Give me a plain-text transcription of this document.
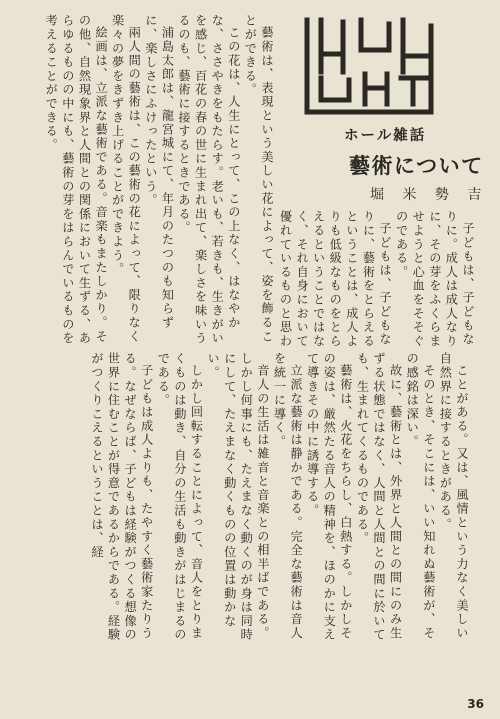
ホール雑話
藝術について
堀 米 勢 吉

藝術は、表現という美しい花によって、姿を飾ることができる。

この花は、人生にとって、この上なく、はなやかな、ささやきをもたらす。老いも、若きも、生きがいを感じ、百花の春の世に生まれ出て、楽しさを味いうるのも、藝術に接するときである。

浦島太郎は、龍宮城にて、年月のたつのも知らずに、楽しさにふけったという。

兩人間の藝術は、この藝術の花によって、限りなく楽々の夢をきずき上げることができよう。

絵画は、立派な藝術である。音楽もまたしかり。その他、自然現象界と人間との関係において生ずる、あらゆるものの中にも、藝術の芽をはらんでいるものを考えることができる。

子どもは、子どもなりに。成人は成人なりに、その芽をふくらませようと心血をそそぐのである。

子どもは、子どもなりに、藝術をとらえるということは、成人よりも低級なものをとらえるということではなく、それ自身において優れているものと思わ

ことがある。又は、風情という力なく美しい自然界に接するときがある。

そのとき、そこには、いい知れぬ藝術が、その感銘は深い。

故に、藝術とは、外界と人間との間にのみ生ずる状態ではなく、人間と人間との間に於いても、生まれてくるものである。

藝術は、火花をちらし、白熱する。しかしその姿は、厳然たる音人の精神を、ほのかに支えて導きその中に誘導する。

立派な藝術は静かである。完全な藝術は音人を統一に導く。

音人の生活は雑音と音楽との相半ばである。しかし何事にも、たえまなく動くのが身は同時にして、たえまなく動くものの位置は動かない。

しかし回転することによって、音人をとりまくものは動き、自分の生活も動きがはじまるのである。

子どもは成人よりも、たやすく藝術家たりうる。なぜならば、子どもは経験がつくる想像の世界に住むことが得意であるからである。経験がつくりこえるということは、経

36
